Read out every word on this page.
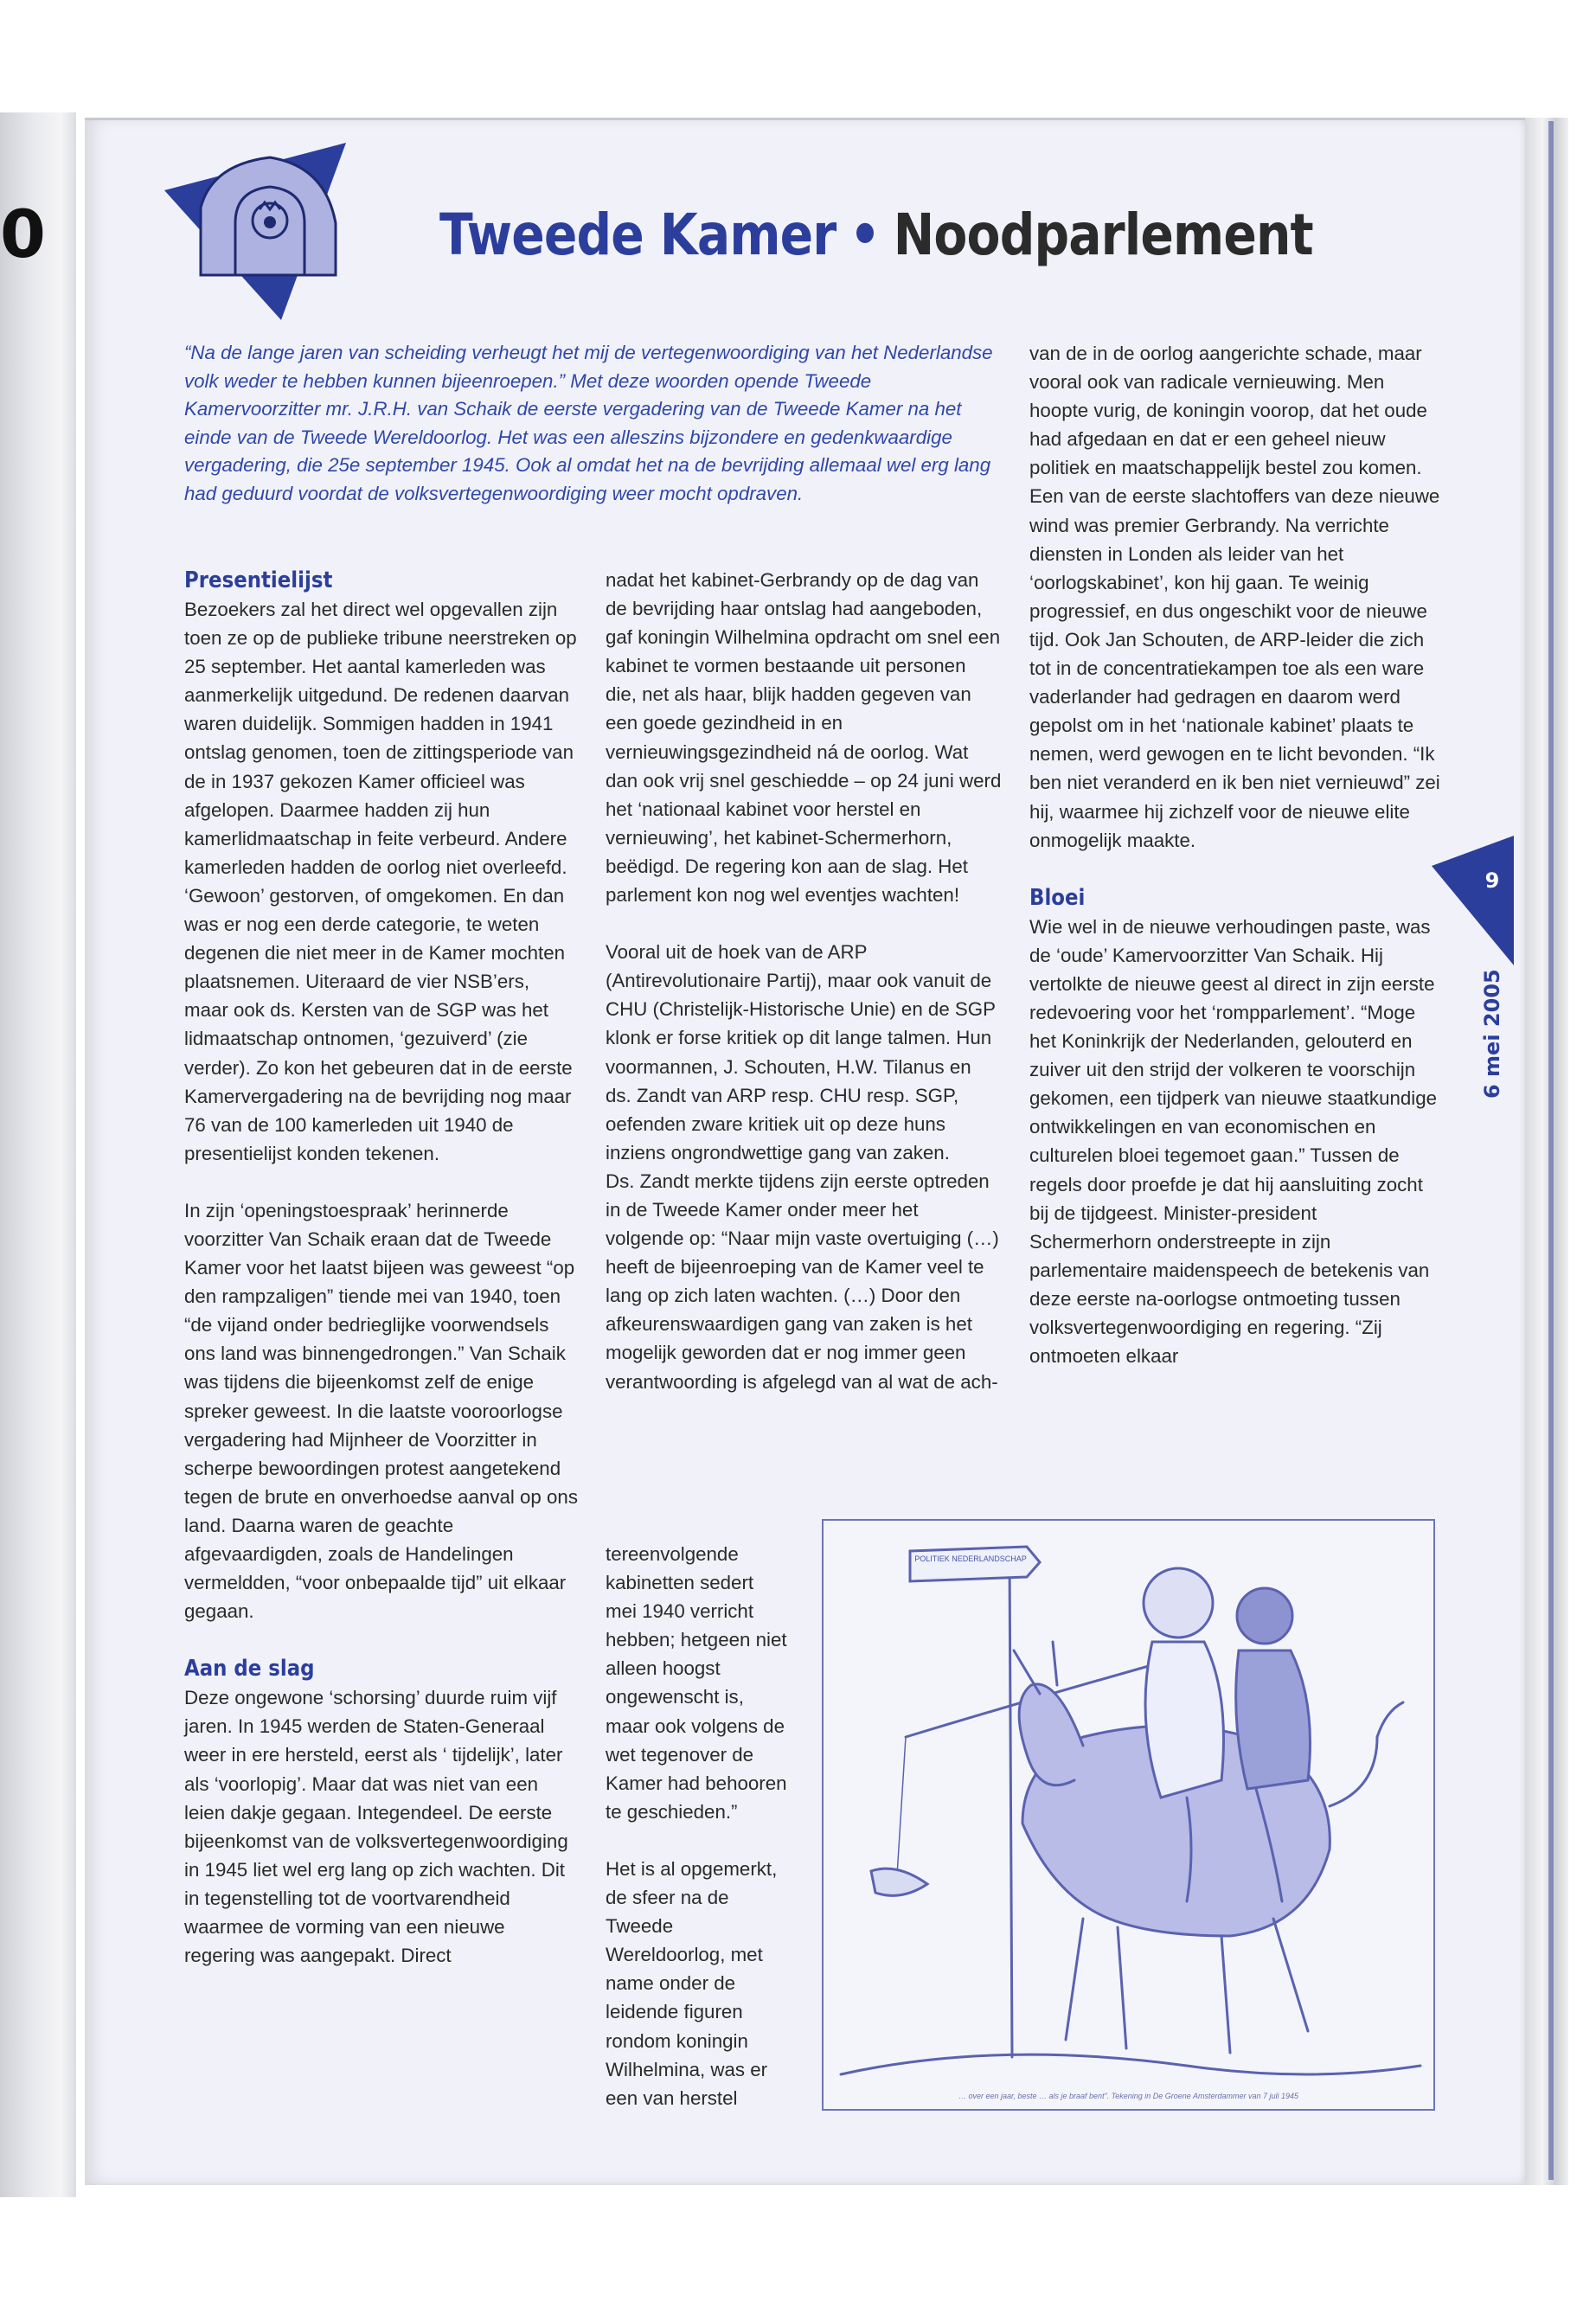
0	Tweede Kamer • Noodparlement
“Na de lange jaren van scheiding verheugt het mij de vertegenwoordiging van het Nederlandse volk weder te hebben kunnen bijeenroepen.” Met deze woorden opende Tweede Kamervoorzitter mr. J.R.H. van Schaik de eerste vergadering van de Tweede Kamer na het einde van de Tweede Wereldoorlog. Het was een alleszins bijzondere en gedenkwaardige vergadering, die 25e september 1945. Ook al omdat het na de bevrijding allemaal wel erg lang had geduurd voordat de volksvertegenwoordiging weer mocht opdraven.
Presentielijst

Bezoekers zal het direct wel opgevallen zijn toen ze op de publieke tribune neerstreken op 25 september. Het aantal kamerleden was aanmerkelijk uitgedund. De redenen daarvan waren duidelijk. Sommigen hadden in 1941 ontslag genomen, toen de zittingsperiode van de in 1937 gekozen Kamer officieel was afgelopen. Daarmee hadden zij hun kamerlidmaatschap in feite verbeurd. Andere kamerleden hadden de oorlog niet overleefd. ‘Gewoon’ gestorven, of omgekomen. En dan was er nog een derde categorie, te weten degenen die niet meer in de Kamer mochten plaatsnemen. Uiteraard de vier NSB’ers, maar ook ds. Kersten van de SGP was het lidmaatschap ontnomen, ‘gezuiverd’ (zie verder). Zo kon het gebeuren dat in de eerste Kamervergadering na de bevrijding nog maar 76 van de 100 kamerleden uit 1940 de presentielijst konden tekenen.

In zijn ‘openingstoespraak’ herinnerde voorzitter Van Schaik eraan dat de Tweede Kamer voor het laatst bijeen was geweest “op den rampzaligen” tiende mei van 1940, toen “de vijand onder bedrieglijke voorwendsels ons land was binnengedrongen.” Van Schaik was tijdens die bijeenkomst zelf de enige spreker geweest. In die laatste vooroorlogse vergadering had Mijnheer de Voorzitter in scherpe bewoordingen protest aangetekend tegen de brute en onverhoedse aanval op ons land. Daarna waren de geachte afgevaardigden, zoals de Handelingen vermeldden, “voor onbepaalde tijd” uit elkaar gegaan.

Aan de slag

Deze ongewone ‘schorsing’ duurde ruim vijf jaren. In 1945 werden de Staten-Generaal weer in ere hersteld, eerst als ‘ tijdelijk’, later als ‘voorlopig’. Maar dat was niet van een leien dakje gegaan. Integendeel. De eerste bijeenkomst van de volksvertegenwoordiging in 1945 liet wel erg lang op zich wachten. Dit in tegenstelling tot de voortvarendheid waarmee de vorming van een nieuwe regering was aangepakt. Direct

nadat het kabinet-Gerbrandy op de dag van de bevrijding haar ontslag had aangeboden, gaf koningin Wilhelmina opdracht om snel een kabinet te vormen bestaande uit personen die, net als haar, blijk hadden gegeven van een goede gezindheid in en vernieuwingsgezindheid ná de oorlog. Wat dan ook vrij snel geschiedde – op 24 juni werd het ‘nationaal kabinet voor herstel en vernieuwing’, het kabinet-Schermerhorn, beëdigd. De regering kon aan de slag. Het parlement kon nog wel eventjes wachten!

Vooral uit de hoek van de ARP (Antirevolutionaire Partij), maar ook vanuit de CHU (Christelijk-Historische Unie) en de SGP klonk er forse kritiek op dit lange talmen. Hun voormannen, J. Schouten, H.W. Tilanus en ds. Zandt van ARP resp. CHU resp. SGP, oefenden zware kritiek uit op deze huns inziens ongrondwettige gang van zaken.

Ds. Zandt merkte tijdens zijn eerste optreden in de Tweede Kamer onder meer het volgende op: “Naar mijn vaste overtuiging (…) heeft de bijeenroeping van de Kamer veel te lang op zich laten wachten. (…) Door den afkeurenswaardigen gang van zaken is het mogelijk geworden dat er nog immer geen verantwoording is afgelegd van al wat de ach-

tereenvolgende kabinetten sedert mei 1940 verricht hebben; hetgeen niet alleen hoogst ongewenscht is, maar ook volgens de wet tegenover de Kamer had behooren te geschieden.”

Het is al opgemerkt, de sfeer na de Tweede Wereldoorlog, met name onder de leidende figuren rondom koningin Wilhelmina, was er een van herstel

van de in de oorlog aangerichte schade, maar vooral ook van radicale vernieuwing. Men hoopte vurig, de koningin voorop, dat het oude had afgedaan en dat er een geheel nieuw politiek en maatschappelijk bestel zou komen. Een van de eerste slachtoffers van deze nieuwe wind was premier Gerbrandy. Na verrichte diensten in Londen als leider van het ‘oorlogskabinet’, kon hij gaan. Te weinig progressief, en dus ongeschikt voor de nieuwe tijd. Ook Jan Schouten, de ARP-leider die zich tot in de concentratiekampen toe als een ware vaderlander had gedragen en daarom werd gepolst om in het ‘nationale kabinet’ plaats te nemen, werd gewogen en te licht bevonden. “Ik ben niet veranderd en ik ben niet vernieuwd” zei hij, waarmee hij zichzelf voor de nieuwe elite onmogelijk maakte.

Bloei

Wie wel in de nieuwe verhoudingen paste, was de ‘oude’ Kamervoorzitter Van Schaik. Hij vertolkte de nieuwe geest al direct in zijn eerste redevoering voor het ‘rompparlement’. “Moge het Koninkrijk der Nederlanden, gelouterd en zuiver uit den strijd der volkeren te voorschijn gekomen, een tijdperk van nieuwe staatkundige ontwikkelingen en van economischen en culturelen bloei tegemoet gaan.” Tussen de regels door proefde je dat hij aansluiting zocht bij de tijdgeest. Minister-president Schermerhorn onderstreepte in zijn parlementaire maidenspeech de betekenis van deze eerste na-oorlogse ontmoeting tussen volksvertegenwoordiging en regering. “Zij ontmoeten elkaar

9
6 mei 2005
POLITIEK NEDERLANDSCHAP
… over een jaar, beste … als je braaf bent”. Tekening in De Groene Amsterdammer van 7 juli 1945
